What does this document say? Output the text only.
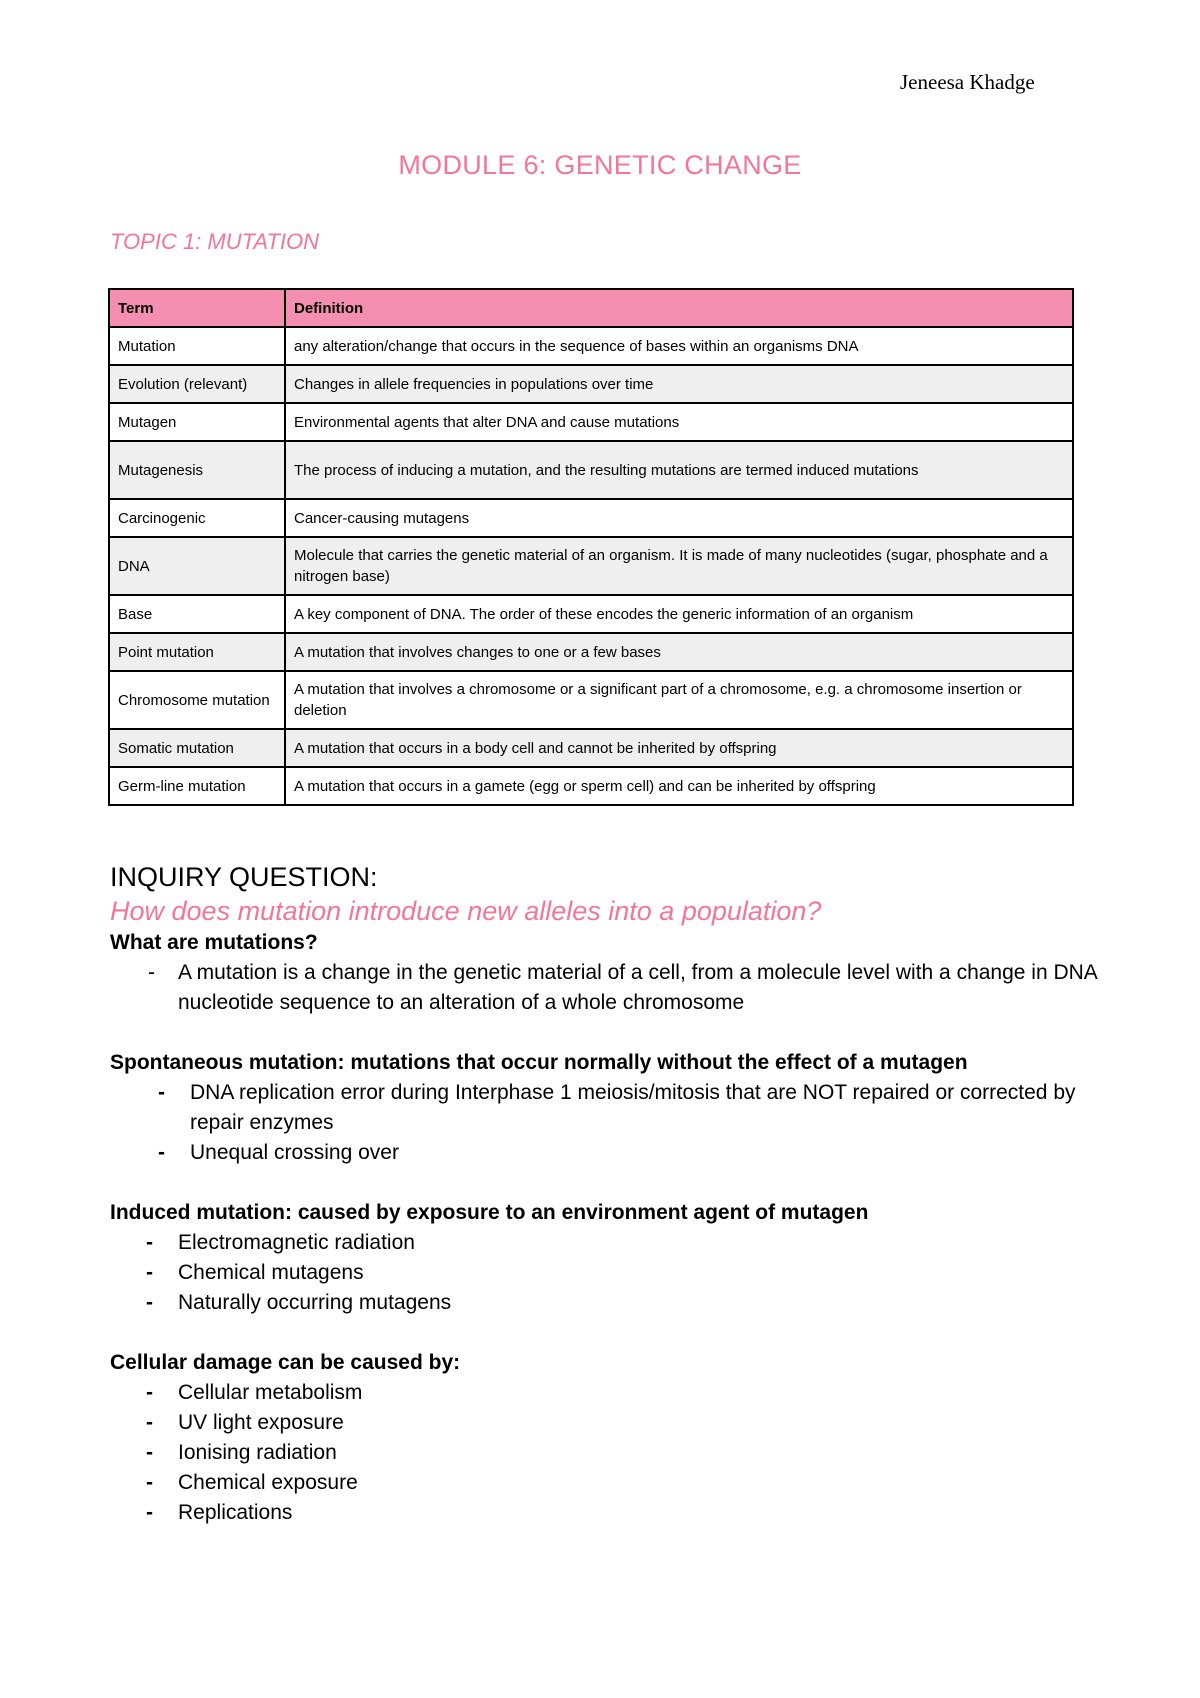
Jeneesa Khadge
MODULE 6: GENETIC CHANGE
TOPIC 1: MUTATION
Term	Definition
Mutation	any alteration/change that occurs in the sequence of bases within an organisms DNA
Evolution (relevant)	Changes in allele frequencies in populations over time
Mutagen	Environmental agents that alter DNA and cause mutations
Mutagenesis	The process of inducing a mutation, and the resulting mutations are termed induced mutations
Carcinogenic	Cancer-causing mutagens
DNA	Molecule that carries the genetic material of an organism. It is made of many nucleotides (sugar, phosphate and a nitrogen base)
Base	A key component of DNA. The order of these encodes the generic information of an organism
Point mutation	A mutation that involves changes to one or a few bases
Chromosome mutation	A mutation that involves a chromosome or a significant part of a chromosome, e.g. a chromosome insertion or deletion
Somatic mutation	A mutation that occurs in a body cell and cannot be inherited by offspring
Germ-line mutation	A mutation that occurs in a gamete (egg or sperm cell) and can be inherited by offspring
INQUIRY QUESTION:
How does mutation introduce new alleles into a population?
What are mutations?
- A mutation is a change in the genetic material of a cell, from a molecule level with a change in DNA nucleotide sequence to an alteration of a whole chromosome
Spontaneous mutation: mutations that occur normally without the effect of a mutagen
- DNA replication error during Interphase 1 meiosis/mitosis that are NOT repaired or corrected by repair enzymes
- Unequal crossing over
Induced mutation: caused by exposure to an environment agent of mutagen
- Electromagnetic radiation
- Chemical mutagens
- Naturally occurring mutagens
Cellular damage can be caused by:
- Cellular metabolism
- UV light exposure
- Ionising radiation
- Chemical exposure
- Replications
